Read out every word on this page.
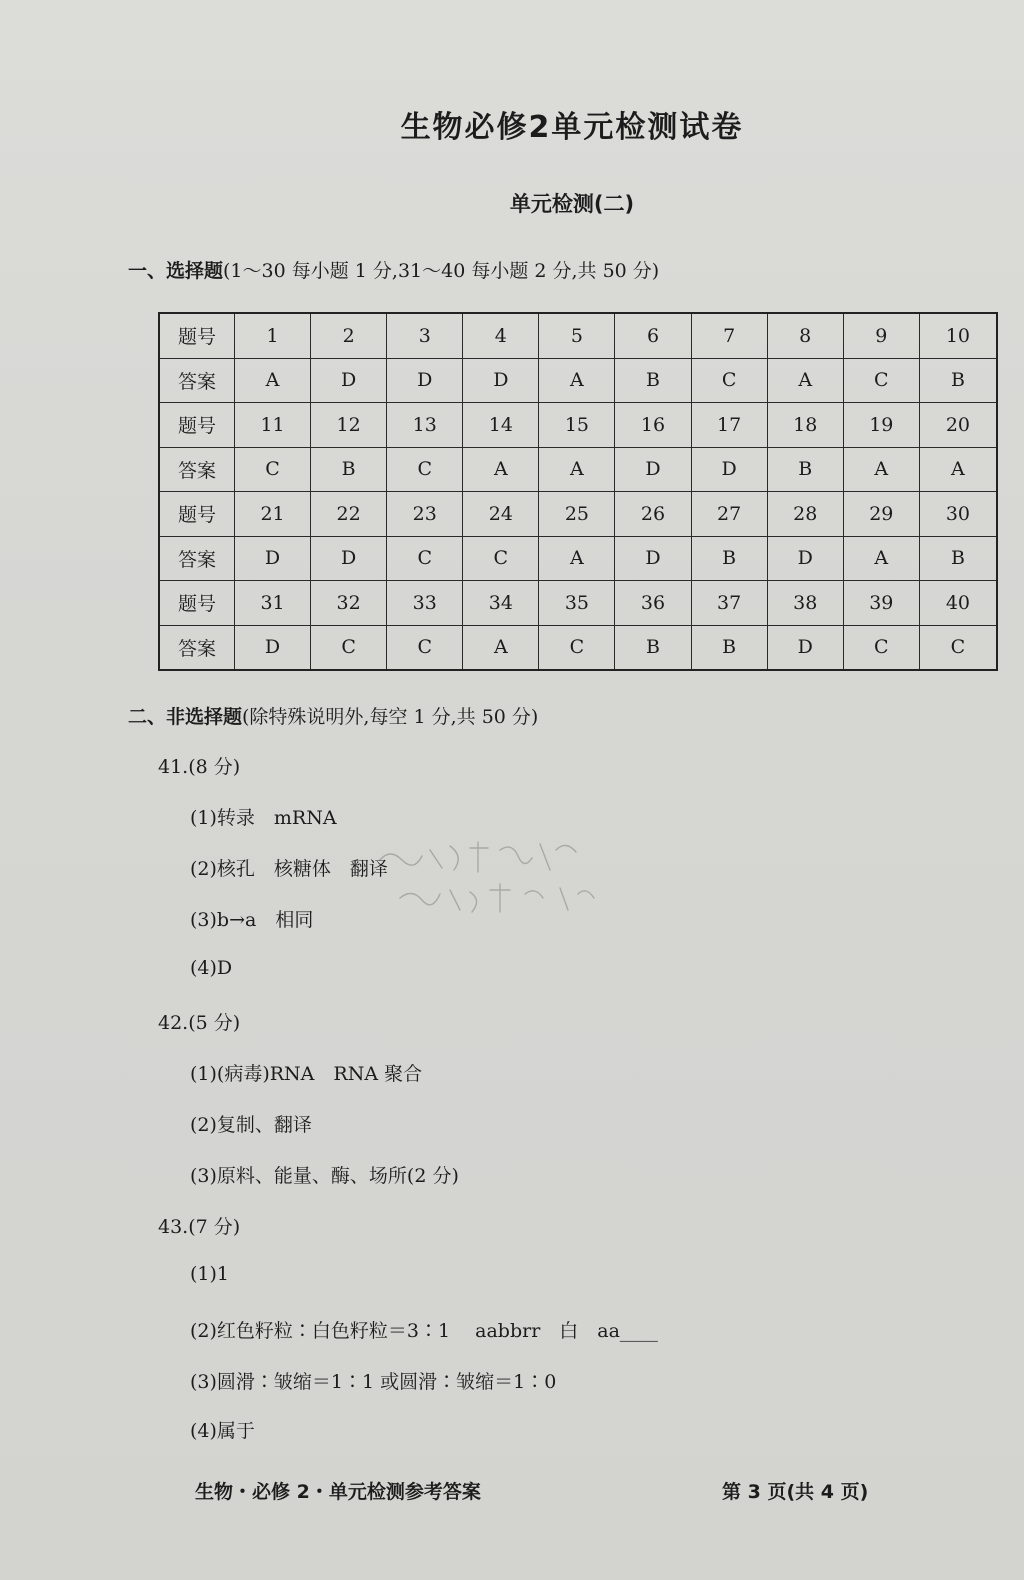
生物必修2单元检测试卷
单元检测(二)
一、选择题(1～30 每小题 1 分,31～40 每小题 2 分,共 50 分)
题号	1	2	3	4	5	6	7	8	9	10
答案	A	D	D	D	A	B	C	A	C	B
题号	11	12	13	14	15	16	17	18	19	20
答案	C	B	C	A	A	D	D	B	A	A
题号	21	22	23	24	25	26	27	28	29	30
答案	D	D	C	C	A	D	B	D	A	B
题号	31	32	33	34	35	36	37	38	39	40
答案	D	C	C	A	C	B	B	D	C	C
二、非选择题(除特殊说明外,每空 1 分,共 50 分)
41.(8 分)
(1)转录　mRNA
(2)核孔　核糖体　翻译
(3)b→a　相同
(4)D
42.(5 分)
(1)(病毒)RNA　RNA 聚合
(2)复制、翻译
(3)原料、能量、酶、场所(2 分)
43.(7 分)
(1)1
(2)红色籽粒∶白色籽粒＝3∶1　 aabbrr　白　aa____
(3)圆滑∶皱缩＝1∶1 或圆滑∶皱缩＝1∶0
(4)属于
生物・必修 2・单元检测参考答案	第 3 页(共 4 页)
